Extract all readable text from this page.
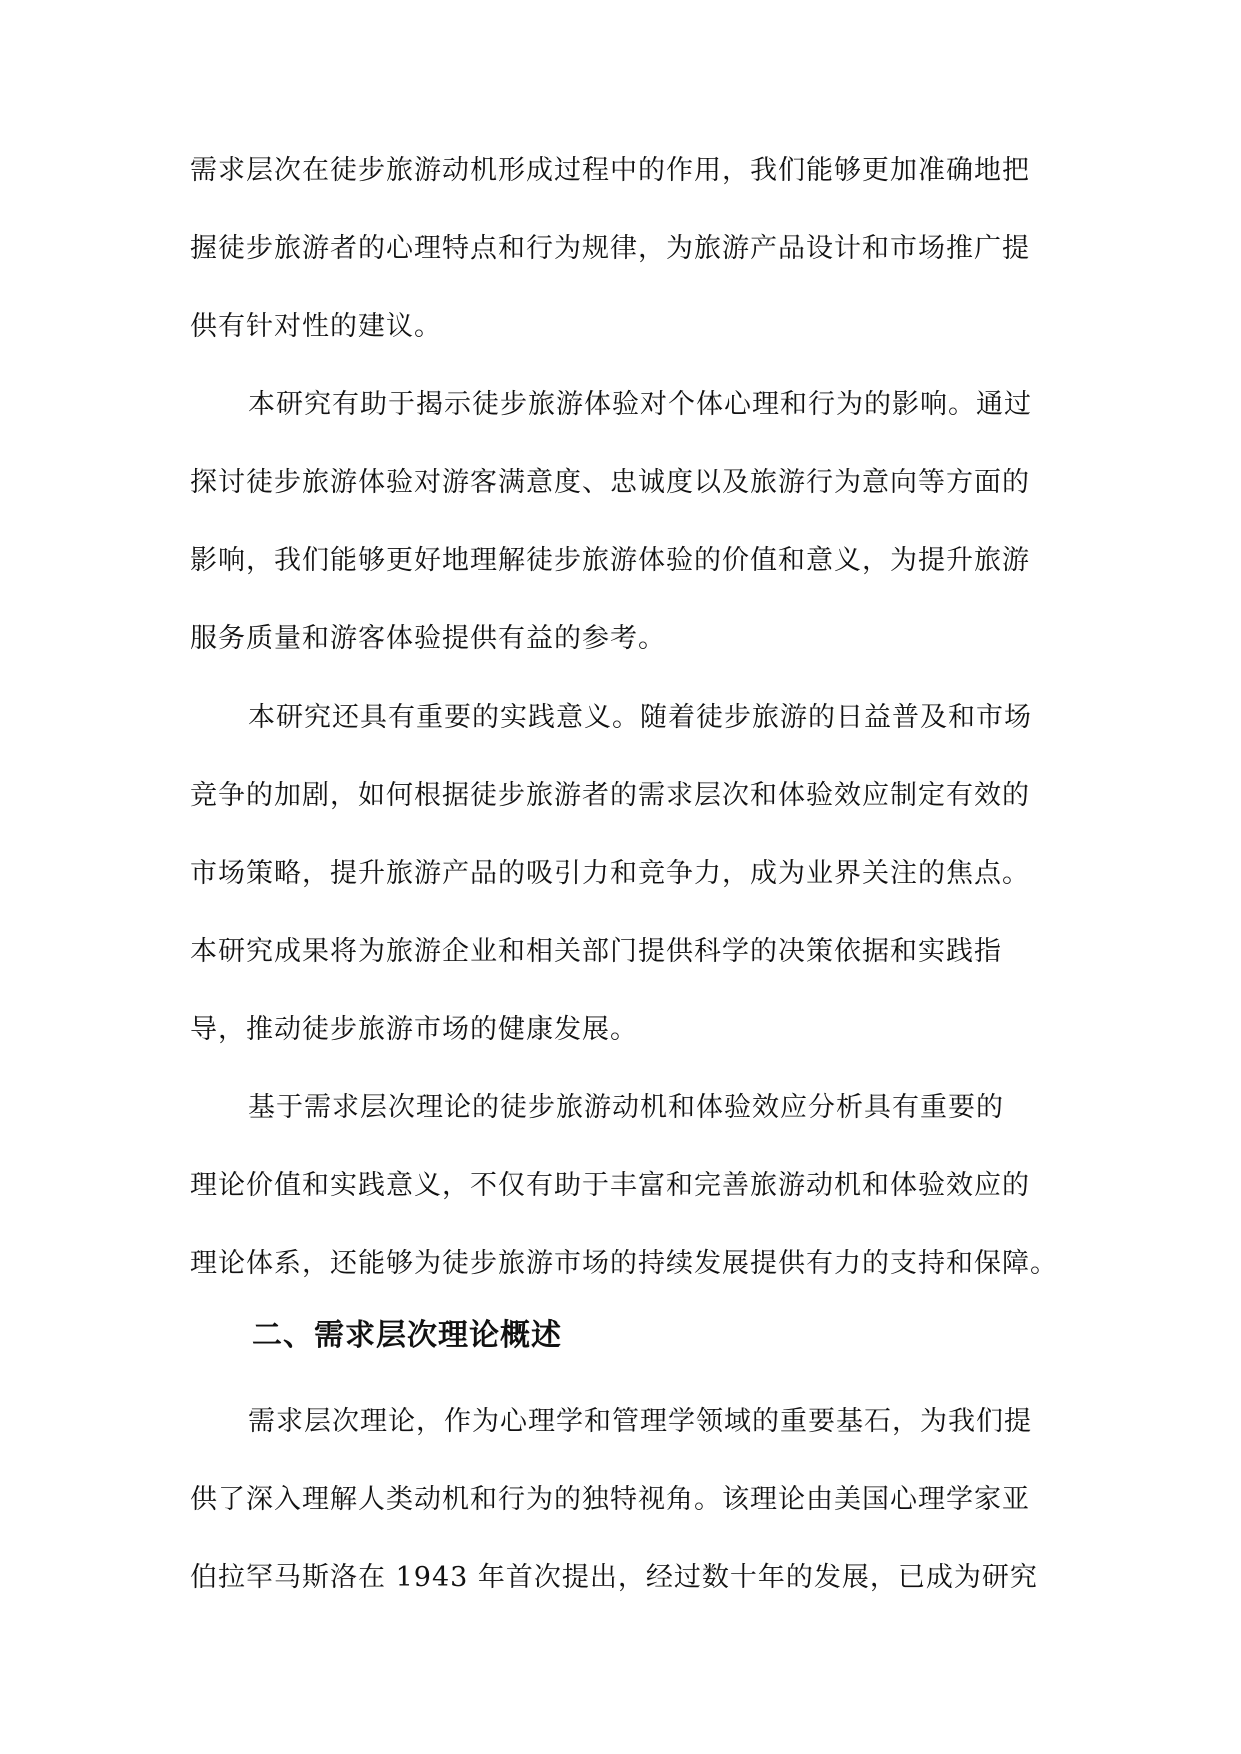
需求层次在徒步旅游动机形成过程中的作用，我们能够更加准确地把
握徒步旅游者的心理特点和行为规律，为旅游产品设计和市场推广提
供有针对性的建议。
本研究有助于揭示徒步旅游体验对个体心理和行为的影响。通过
探讨徒步旅游体验对游客满意度、忠诚度以及旅游行为意向等方面的
影响，我们能够更好地理解徒步旅游体验的价值和意义，为提升旅游
服务质量和游客体验提供有益的参考。
本研究还具有重要的实践意义。随着徒步旅游的日益普及和市场
竞争的加剧，如何根据徒步旅游者的需求层次和体验效应制定有效的
市场策略，提升旅游产品的吸引力和竞争力，成为业界关注的焦点。
本研究成果将为旅游企业和相关部门提供科学的决策依据和实践指
导，推动徒步旅游市场的健康发展。
基于需求层次理论的徒步旅游动机和体验效应分析具有重要的
理论价值和实践意义，不仅有助于丰富和完善旅游动机和体验效应的
理论体系，还能够为徒步旅游市场的持续发展提供有力的支持和保障。
二、需求层次理论概述
需求层次理论，作为心理学和管理学领域的重要基石，为我们提
供了深入理解人类动机和行为的独特视角。该理论由美国心理学家亚
伯拉罕马斯洛在 1943 年首次提出，经过数十年的发展，已成为研究
